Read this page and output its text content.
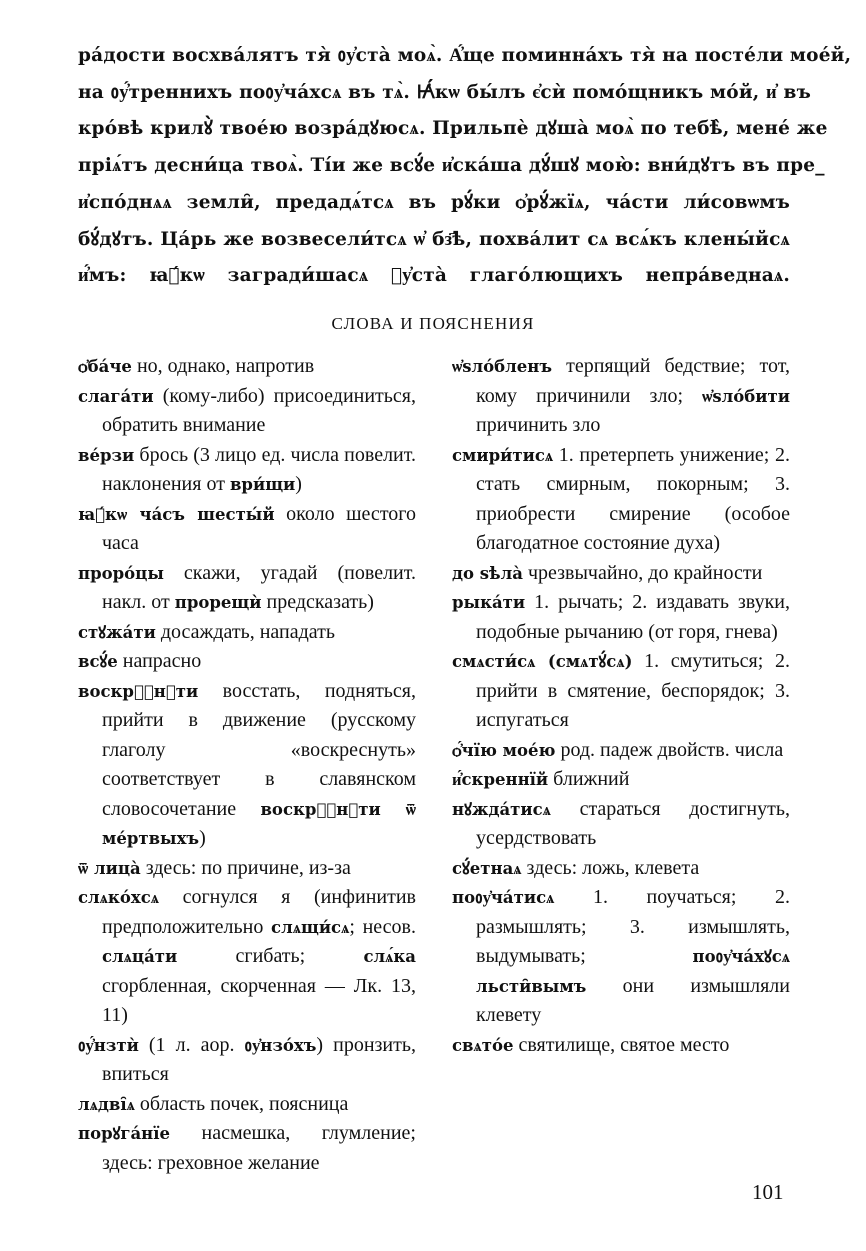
ра́дости восхва́лятъ тя̀ ᲂу҆ста̀ моѧ̀. А҆́ще поминна́хъ тя̀ на посте́ли мое́й,
на ᲂу҆́треннихъ поᲂу҆ча́хсѧ въ тѧ̀. Ꙗ҆́кѡ бы́лъ є҆сѝ помо́щникъ мо́й, и҆ въ
кро́вѣ крилꙋ̀ твое́ю возра́дꙋюсѧ. Прильпѐ дꙋша̀ моѧ̀ по тебѣ̀, мене́ же
пріѧ́тъ десни́ца твоѧ̀. Ті́и же всꙋ́е и҆ска́ша дꙋ́шꙋ мою̀: вни́дꙋтъ въ пре_
и҆спо́днѧѧ земли̑, предадѧ́тсѧ въ рꙋ́ки ѻ҆рꙋ́жїѧ, ча́сти ли́совѡмъ
бꙋ́дꙋтъ. Ца́рь же возвесели́тсѧ ѡ҆ бз҃ѣ, похва́лит сѧ всѧ́къ клены́йсѧ
и҆́мъ: ꙗ҆́кѡ загради́шасѧ ᲂу҆ста̀ глаго́лющихъ непра́веднаѧ.
СЛОВА И ПОЯСНЕНИЯ
ѻ҆ба́че но, однако, напротив
слага́ти (кому-либо) присоединиться, обратить внимание
ве́рзи брось (3 лицо ед. числа повелит. наклонения от ври́щи)
ꙗ҆́кѡ ча́съ шесты́й около шестого часа
проро́цы скажи, угадай (повелит. накл. от прорещѝ предсказать)
стꙋжа́ти досаждать, нападать
всꙋ́е напрасно
воскрⷭ҇нꙋти восстать, подняться, прийти в движение (русскому глаголу «воскреснуть» соответствует в славянском словосочетание воскрⷭ҇нꙋти ѿ ме́ртвыхъ)
ѿ лица̀ здесь: по причине, из-за
слѧко́хсѧ согнулся я (инфинитив предположительно слѧщи́сѧ; несов. слѧца́ти сгибать; слѧ́ка сгорбленная, скорченная — Лк. 13, 11)
ᲂу҆́нзтѝ (1 л. аор. ᲂу҆нзо́хъ) пронзить, впиться
лѧдві̑ѧ область почек, поясница
порꙋга́нїе насмешка, глумление; здесь: греховное желание
ѡ҆ѕло́бленъ терпящий бедствие; тот, кому причинили зло; ѡ҆ѕло́бити причинить зло
смири́тисѧ 1. претерпеть унижение; 2. стать смирным, покорным; 3. приобрести смирение (особое благодатное состояние духа)
до ѕѣла̀ чрезвычайно, до крайности
рыка́ти 1. рычать; 2. издавать звуки, подобные рычанию (от горя, гнева)
смѧсти́сѧ (смѧтꙋ́сѧ) 1. смутиться; 2. прийти в смятение, беспорядок; 3. испугаться
ѻ҆́чїю мое́ю род. падеж двойств. числа
и҆́скреннїй ближний
нꙋжда́тисѧ стараться достигнуть, усердствовать
сꙋ́етнаѧ здесь: ложь, клевета
поᲂу҆ча́тисѧ 1. поучаться; 2. размышлять; 3. измышлять, выдумывать; поᲂу҆ча́хꙋсѧ льсти̑вымъ они измышляли клевету
свѧто́е святилище, святое место
101
